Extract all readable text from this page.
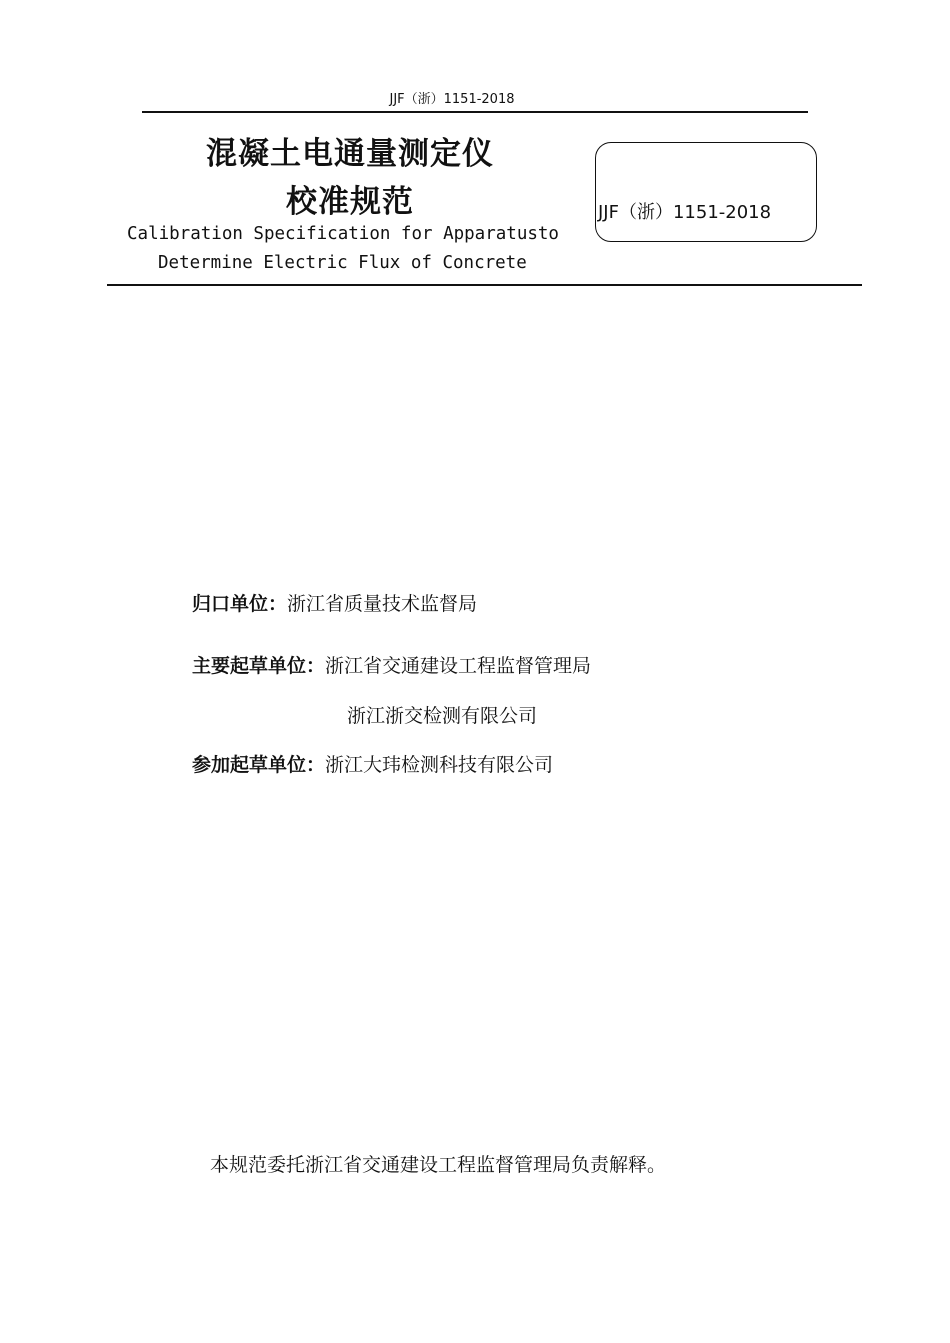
JJF（浙）1151-2018
混凝土电通量测定仪
校准规范
Calibration Specification for Apparatusto
Determine Electric Flux of Concrete
JJF（浙）1151-2018
归口单位：浙江省质量技术监督局
主要起草单位：浙江省交通建设工程监督管理局
浙江浙交检测有限公司
参加起草单位：浙江大玮检测科技有限公司
本规范委托浙江省交通建设工程监督管理局负责解释。
